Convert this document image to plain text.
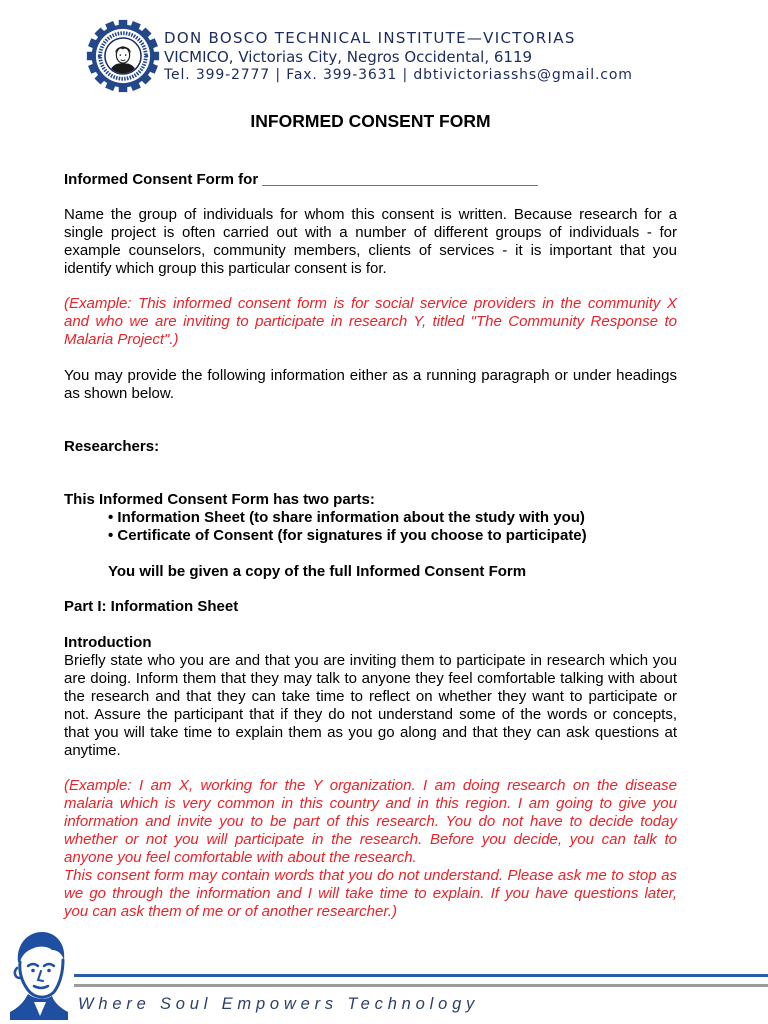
DON BOSCO TECHNICAL INSTITUTE—VICTORIAS
VICMICO, Victorias City, Negros Occidental, 6119
Tel. 399-2777 | Fax. 399-3631 | dbtivictoriasshs@gmail.com
INFORMED CONSENT FORM
Informed Consent Form for _________________________________
Name the group of individuals for whom this consent is written. Because research for a
single project is often carried out with a number of different groups of individuals - for
example counselors, community members, clients of services - it is important that you
identify which group this particular consent is for.
(Example: This informed consent form is for social service providers in the community X
and who we are inviting to participate in research Y, titled "The Community Response to
Malaria Project".)
You may provide the following information either as a running paragraph or under headings
as shown below.
Researchers:
This Informed Consent Form has two parts:
• Information Sheet (to share information about the study with you)
• Certificate of Consent (for signatures if you choose to participate)
You will be given a copy of the full Informed Consent Form
Part I: Information Sheet
Introduction
Briefly state who you are and that you are inviting them to participate in research which you
are doing. Inform them that they may talk to anyone they feel comfortable talking with about
the research and that they can take time to reflect on whether they want to participate or
not. Assure the participant that if they do not understand some of the words or concepts,
that you will take time to explain them as you go along and that they can ask questions at
anytime.
(Example: I am X, working for the Y organization. I am doing research on the disease
malaria which is very common in this country and in this region. I am going to give you
information and invite you to be part of this research. You do not have to decide today
whether or not you will participate in the research. Before you decide, you can talk to
anyone you feel comfortable with about the research.
This consent form may contain words that you do not understand. Please ask me to stop as
we go through the information and I will take time to explain. If you have questions later,
you can ask them of me or of another researcher.)
Where Soul Empowers Technology
